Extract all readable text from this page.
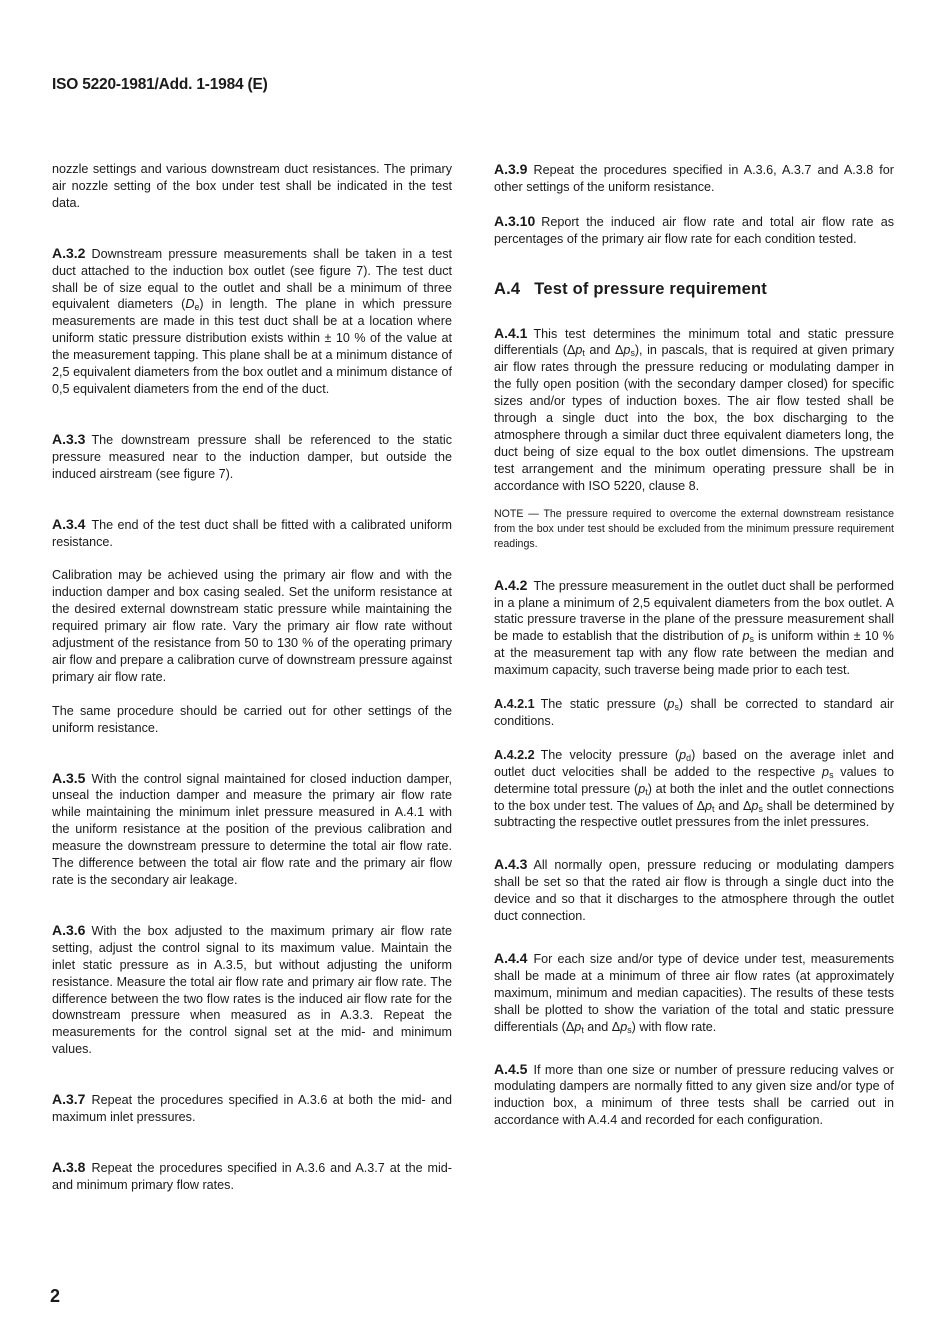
ISO 5220-1981/Add. 1-1984 (E)

nozzle settings and various downstream duct resistances. The primary air nozzle setting of the box under test shall be indicated in the test data.

A.3.2 Downstream pressure measurements shall be taken in a test duct attached to the induction box outlet (see figure 7). The test duct shall be of size equal to the outlet and shall be a minimum of three equivalent diameters $(D_e)$ in length. The plane in which pressure measurements are made in this test duct shall be at a location where uniform static pressure distribution exists within ± 10 % of the value at the measurement tapping. This plane shall be at a minimum distance of 2,5 equivalent diameters from the box outlet and a minimum distance of 0,5 equivalent diameters from the end of the duct.

A.3.3 The downstream pressure shall be referenced to the static pressure measured near to the induction damper, but outside the induced airstream (see figure 7).

A.3.4 The end of the test duct shall be fitted with a calibrated uniform resistance.

Calibration may be achieved using the primary air flow and with the induction damper and box casing sealed. Set the uniform resistance at the desired external downstream static pressure while maintaining the required primary air flow rate. Vary the primary air flow rate without adjustment of the resistance from 50 to 130 % of the operating primary air flow and prepare a calibration curve of downstream pressure against primary air flow rate.

The same procedure should be carried out for other settings of the uniform resistance.

A.3.5 With the control signal maintained for closed induction damper, unseal the induction damper and measure the primary air flow rate while maintaining the minimum inlet pressure measured in A.4.1 with the uniform resistance at the position of the previous calibration and measure the downstream pressure to determine the total air flow rate. The difference between the total air flow rate and the primary air flow rate is the secondary air leakage.

A.3.6 With the box adjusted to the maximum primary air flow rate setting, adjust the control signal to its maximum value. Maintain the inlet static pressure as in A.3.5, but without adjusting the uniform resistance. Measure the total air flow rate and primary air flow rate. The difference between the two flow rates is the induced air flow rate for the downstream pressure when measured as in A.3.3. Repeat the measurements for the control signal set at the mid- and minimum values.

A.3.7 Repeat the procedures specified in A.3.6 at both the mid- and maximum inlet pressures.

A.3.8 Repeat the procedures specified in A.3.6 and A.3.7 at the mid- and minimum primary flow rates.

A.3.9 Repeat the procedures specified in A.3.6, A.3.7 and A.3.8 for other settings of the uniform resistance.

A.3.10 Report the induced air flow rate and total air flow rate as percentages of the primary air flow rate for each condition tested.

A.4 Test of pressure requirement

A.4.1 This test determines the minimum total and static pressure differentials ($\Delta p_t$ and $\Delta p_s$), in pascals, that is required at given primary air flow rates through the pressure reducing or modulating damper in the fully open position (with the secondary damper closed) for specific sizes and/or types of induction boxes. The air flow tested shall be through a single duct into the box, the box discharging to the atmosphere through a similar duct three equivalent diameters long, the duct being of size equal to the box outlet dimensions. The upstream test arrangement and the minimum operating pressure shall be in accordance with ISO 5220, clause 8.

NOTE — The pressure required to overcome the external downstream resistance from the box under test should be excluded from the minimum pressure requirement readings.

A.4.2 The pressure measurement in the outlet duct shall be performed in a plane a minimum of 2,5 equivalent diameters from the box outlet. A static pressure traverse in the plane of the pressure measurement shall be made to establish that the distribution of $p_s$ is uniform within ± 10 % at the measurement tap with any flow rate between the median and maximum capacity, such traverse being made prior to each test.

A.4.2.1 The static pressure $(p_s)$ shall be corrected to standard air conditions.

A.4.2.2 The velocity pressure $(p_d)$ based on the average inlet and outlet duct velocities shall be added to the respective $p_s$ values to determine total pressure $(p_t)$ at both the inlet and the outlet connections to the box under test. The values of $\Delta p_t$ and $\Delta p_s$ shall be determined by subtracting the respective outlet pressures from the inlet pressures.

A.4.3 All normally open, pressure reducing or modulating dampers shall be set so that the rated air flow is through a single duct into the device and so that it discharges to the atmosphere through the outlet duct connection.

A.4.4 For each size and/or type of device under test, measurements shall be made at a minimum of three air flow rates (at approximately maximum, minimum and median capacities). The results of these tests shall be plotted to show the variation of the total and static pressure differentials ($\Delta p_t$ and $\Delta p_s$) with flow rate.

A.4.5 If more than one size or number of pressure reducing valves or modulating dampers are normally fitted to any given size and/or type of induction box, a minimum of three tests shall be carried out in accordance with A.4.4 and recorded for each configuration.

2
